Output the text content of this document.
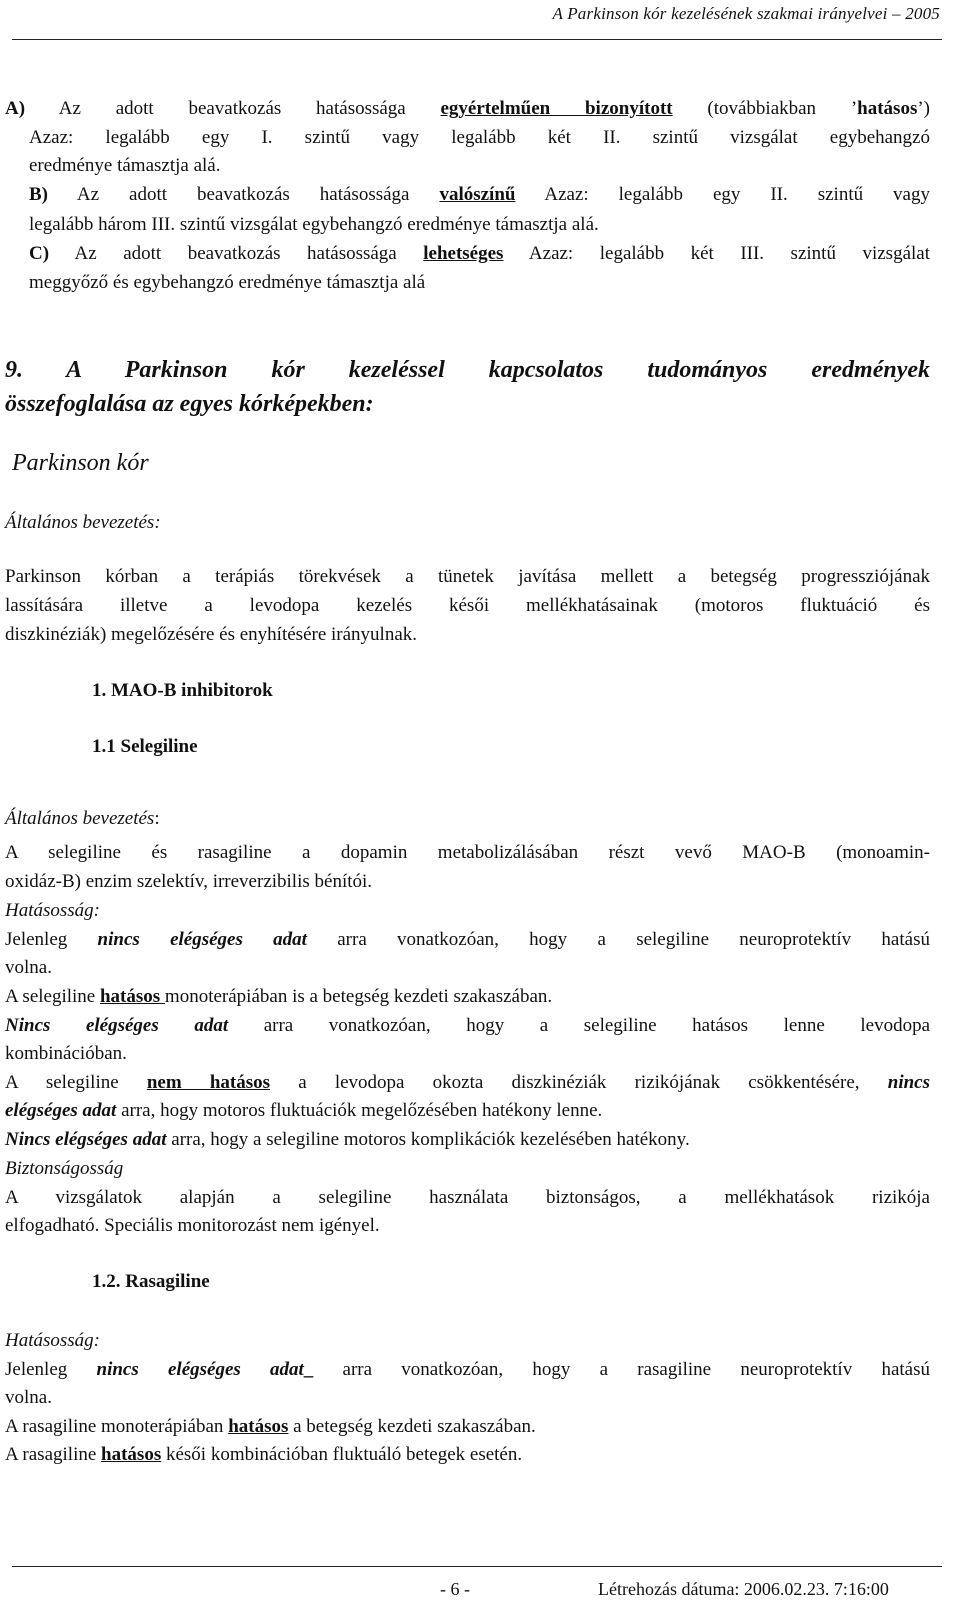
A Parkinson kór kezelésének szakmai irányelvei – 2005
A) Az adott beavatkozás hatásossága egyértelműen bizonyított (továbbiakban ’hatásos’)
Azaz: legalább egy I. szintű vagy legalább két II. szintű vizsgálat egybehangzó
eredménye támasztja alá.
B) Az adott beavatkozás hatásossága valószínű Azaz: legalább egy II. szintű vagy
legalább három III. szintű vizsgálat egybehangzó eredménye támasztja alá.
C) Az adott beavatkozás hatásossága lehetséges Azaz: legalább két III. szintű vizsgálat
meggyőző és egybehangzó eredménye támasztja alá
9. A Parkinson kór kezeléssel kapcsolatos tudományos eredmények
összefoglalása az egyes kórképekben:
Parkinson kór
Általános bevezetés:
Parkinson kórban a terápiás törekvések a tünetek javítása mellett a betegség progressziójának
lassítására illetve a levodopa kezelés késői mellékhatásainak (motoros fluktuáció és
diszkinéziák) megelőzésére és enyhítésére irányulnak.
1. MAO-B inhibitorok
1.1 Selegiline
Általános bevezetés:
A selegiline és rasagiline a dopamin metabolizálásában részt vevő MAO-B (monoamin-
oxidáz-B) enzim szelektív, irreverzibilis bénítói.
Hatásosság:
Jelenleg nincs elégséges adat arra vonatkozóan, hogy a selegiline neuroprotektív hatású
volna.
A selegiline hatásos monoterápiában is a betegség kezdeti szakaszában.
Nincs elégséges adat arra vonatkozóan, hogy a selegiline hatásos lenne levodopa
kombinációban.
A selegiline nem hatásos a levodopa okozta diszkinéziák rizikójának csökkentésére, nincs
elégséges adat arra, hogy motoros fluktuációk megelőzésében hatékony lenne.
Nincs elégséges adat arra, hogy a selegiline motoros komplikációk kezelésében hatékony.
Biztonságosság
A vizsgálatok alapján a selegiline használata biztonságos, a mellékhatások rizikója
elfogadható. Speciális monitorozást nem igényel.
1.2. Rasagiline
Hatásosság:
Jelenleg nincs elégséges adat_ arra vonatkozóan, hogy a rasagiline neuroprotektív hatású
volna.
A rasagiline monoterápiában hatásos a betegség kezdeti szakaszában.
A rasagiline hatásos késői kombinációban fluktuáló betegek esetén.
- 6 -	Létrehozás dátuma: 2006.02.23. 7:16:00
